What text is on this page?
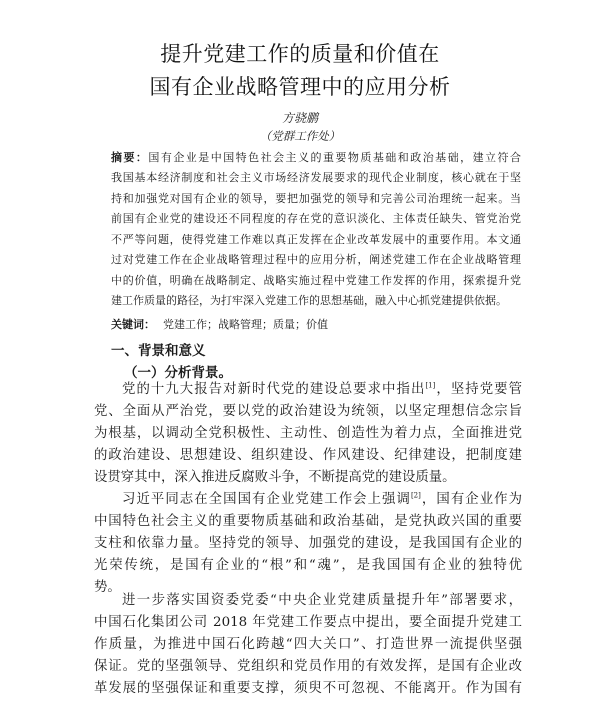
提升党建工作的质量和价值在
国有企业战略管理中的应用分析
方骁鹏
（党群工作处）
摘要：国有企业是中国特色社会主义的重要物质基础和政治基础，建立符合
我国基本经济制度和社会主义市场经济发展要求的现代企业制度，核心就在于坚
持和加强党对国有企业的领导，要把加强党的领导和完善公司治理统一起来。当
前国有企业党的建设还不同程度的存在党的意识淡化、主体责任缺失、管党治党
不严等问题，使得党建工作难以真正发挥在企业改革发展中的重要作用。本文通
过对党建工作在企业战略管理过程中的应用分析，阐述党建工作在企业战略管理
中的价值，明确在战略制定、战略实施过程中党建工作发挥的作用，探索提升党
建工作质量的路径，为打牢深入党建工作的思想基础，融入中心抓党建提供依据。
关键词： 党建工作；战略管理；质量；价值
一、背景和意义
（一）分析背景。
党的十九大报告对新时代党的建设总要求中指出[1]，坚持党要管
党、全面从严治党，要以党的政治建设为统领，以坚定理想信念宗旨
为根基，以调动全党积极性、主动性、创造性为着力点，全面推进党
的政治建设、思想建设、组织建设、作风建设、纪律建设，把制度建
设贯穿其中，深入推进反腐败斗争，不断提高党的建设质量。
习近平同志在全国国有企业党建工作会上强调[2]，国有企业作为
中国特色社会主义的重要物质基础和政治基础，是党执政兴国的重要
支柱和依靠力量。坚持党的领导、加强党的建设，是我国国有企业的
光荣传统，是国有企业的“根”和“魂”，是我国国有企业的独特优
势。
进一步落实国资委党委“中央企业党建质量提升年”部署要求，
中国石化集团公司 2018 年党建工作要点中提出，要全面提升党建工
作质量，为推进中国石化跨越“四大关口”、打造世界一流提供坚强
保证。党的坚强领导、党组织和党员作用的有效发挥，是国有企业改
革发展的坚强保证和重要支撑，须臾不可忽视、不能离开。作为国有
